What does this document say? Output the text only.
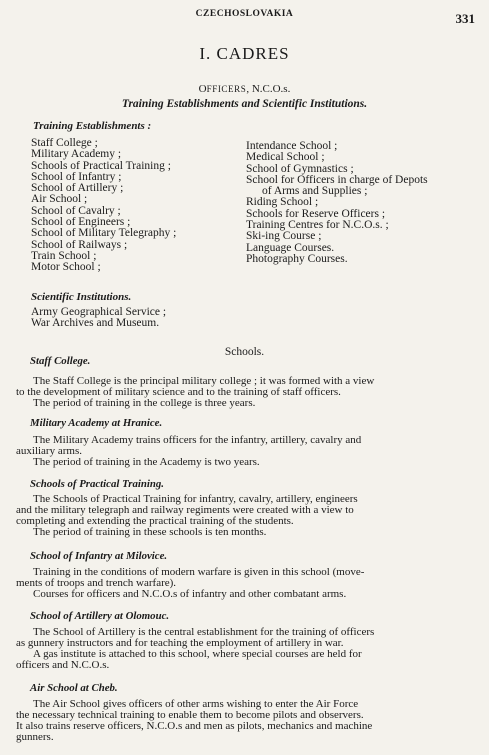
CZECHOSLOVAKIA	331
I. CADRES
OFFICERS, N.C.O.s.
Training Establishments and Scientific Institutions.
Training Establishments :
Staff College ;
Military Academy ;
Schools of Practical Training ;
School of Infantry ;
School of Artillery ;
Air School ;
School of Cavalry ;
School of Engineers ;
School of Military Telegraphy ;
School of Railways ;
Train School ;
Motor School ;
Intendance School ;
Medical School ;
School of Gymnastics ;
School for Officers in charge of Depots
of Arms and Supplies ;
Riding School ;
Schools for Reserve Officers ;
Training Centres for N.C.O.s. ;
Ski-ing Course ;
Language Courses.
Photography Courses.
Scientific Institutions.
Army Geographical Service ;
War Archives and Museum.
Schools.
Staff College.
The Staff College is the principal military college ; it was formed with a view
to the development of military science and to the training of staff officers.
The period of training in the college is three years.
Military Academy at Hranice.
The Military Academy trains officers for the infantry, artillery, cavalry and
auxiliary arms.
The period of training in the Academy is two years.
Schools of Practical Training.
The Schools of Practical Training for infantry, cavalry, artillery, engineers
and the military telegraph and railway regiments were created with a view to
completing and extending the practical training of the students.
The period of training in these schools is ten months.
School of Infantry at Milovice.
Training in the conditions of modern warfare is given in this school (move-
ments of troops and trench warfare).
Courses for officers and N.C.O.s of infantry and other combatant arms.
School of Artillery at Olomouc.
The School of Artillery is the central establishment for the training of officers
as gunnery instructors and for teaching the employment of artillery in war.
A gas institute is attached to this school, where special courses are held for
officers and N.C.O.s.
Air School at Cheb.
The Air School gives officers of other arms wishing to enter the Air Force
the necessary technical training to enable them to become pilots and observers.
It also trains reserve officers, N.C.O.s and men as pilots, mechanics and machine
gunners.
